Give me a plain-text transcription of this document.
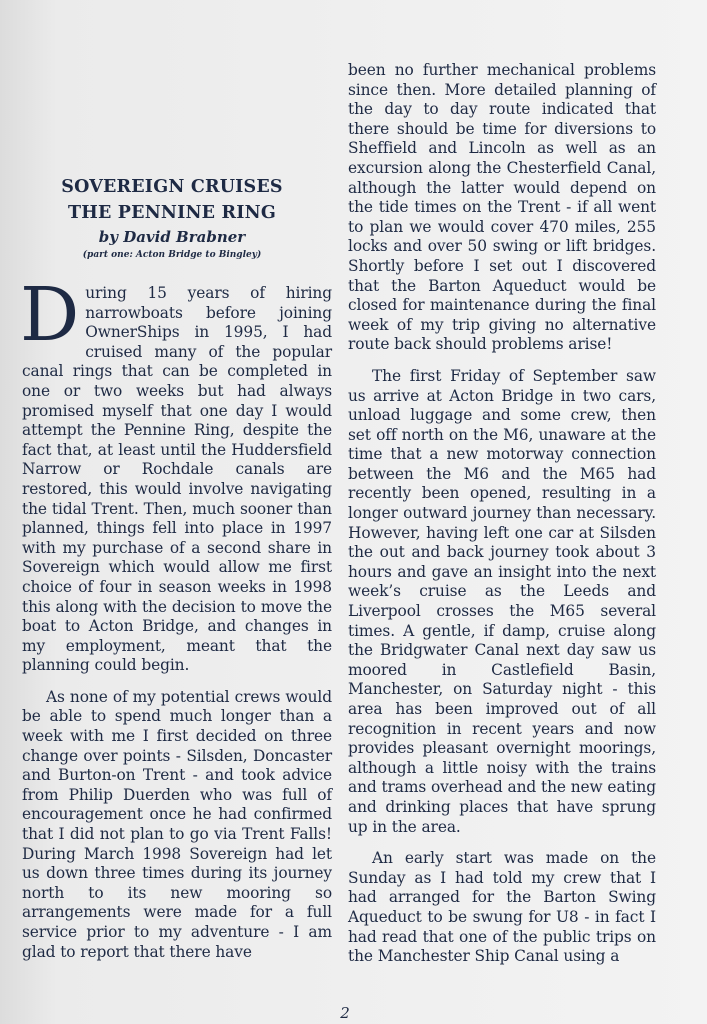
SOVEREIGN CRUISES
THE PENNINE RING
by David Brabner
(part one: Acton Bridge to Bingley)

During 15 years of hiring narrowboats before joining OwnerShips in 1995, I had cruised many of the popular canal rings that can be completed in one or two weeks but had always promised myself that one day I would attempt the Pennine Ring, despite the fact that, at least until the Huddersfield Narrow or Rochdale canals are restored, this would involve navigating the tidal Trent. Then, much sooner than planned, things fell into place in 1997 with my purchase of a second share in Sovereign which would allow me first choice of four in season weeks in 1998 this along with the decision to move the boat to Acton Bridge, and changes in my employment, meant that the planning could begin.

As none of my potential crews would be able to spend much longer than a week with me I first decided on three change over points - Silsden, Doncaster and Burton-on Trent - and took advice from Philip Duerden who was full of encouragement once he had confirmed that I did not plan to go via Trent Falls! During March 1998 Sovereign had let us down three times during its journey north to its new mooring so arrangements were made for a full service prior to my adventure - I am glad to report that there have

been no further mechanical problems since then. More detailed planning of the day to day route indicated that there should be time for diversions to Sheffield and Lincoln as well as an excursion along the Chesterfield Canal, although the latter would depend on the tide times on the Trent - if all went to plan we would cover 470 miles, 255 locks and over 50 swing or lift bridges. Shortly before I set out I discovered that the Barton Aqueduct would be closed for maintenance during the final week of my trip giving no alternative route back should problems arise!

The first Friday of September saw us arrive at Acton Bridge in two cars, unload luggage and some crew, then set off north on the M6, unaware at the time that a new motorway connection between the M6 and the M65 had recently been opened, resulting in a longer outward journey than necessary. However, having left one car at Silsden the out and back journey took about 3 hours and gave an insight into the next week’s cruise as the Leeds and Liverpool crosses the M65 several times. A gentle, if damp, cruise along the Bridgwater Canal next day saw us moored in Castlefield Basin, Manchester, on Saturday night - this area has been improved out of all recognition in recent years and now provides pleasant overnight moorings, although a little noisy with the trains and trams overhead and the new eating and drinking places that have sprung up in the area.

An early start was made on the Sunday as I had told my crew that I had arranged for the Barton Swing Aqueduct to be swung for U8 - in fact I had read that one of the public trips on the Manchester Ship Canal using a

2
